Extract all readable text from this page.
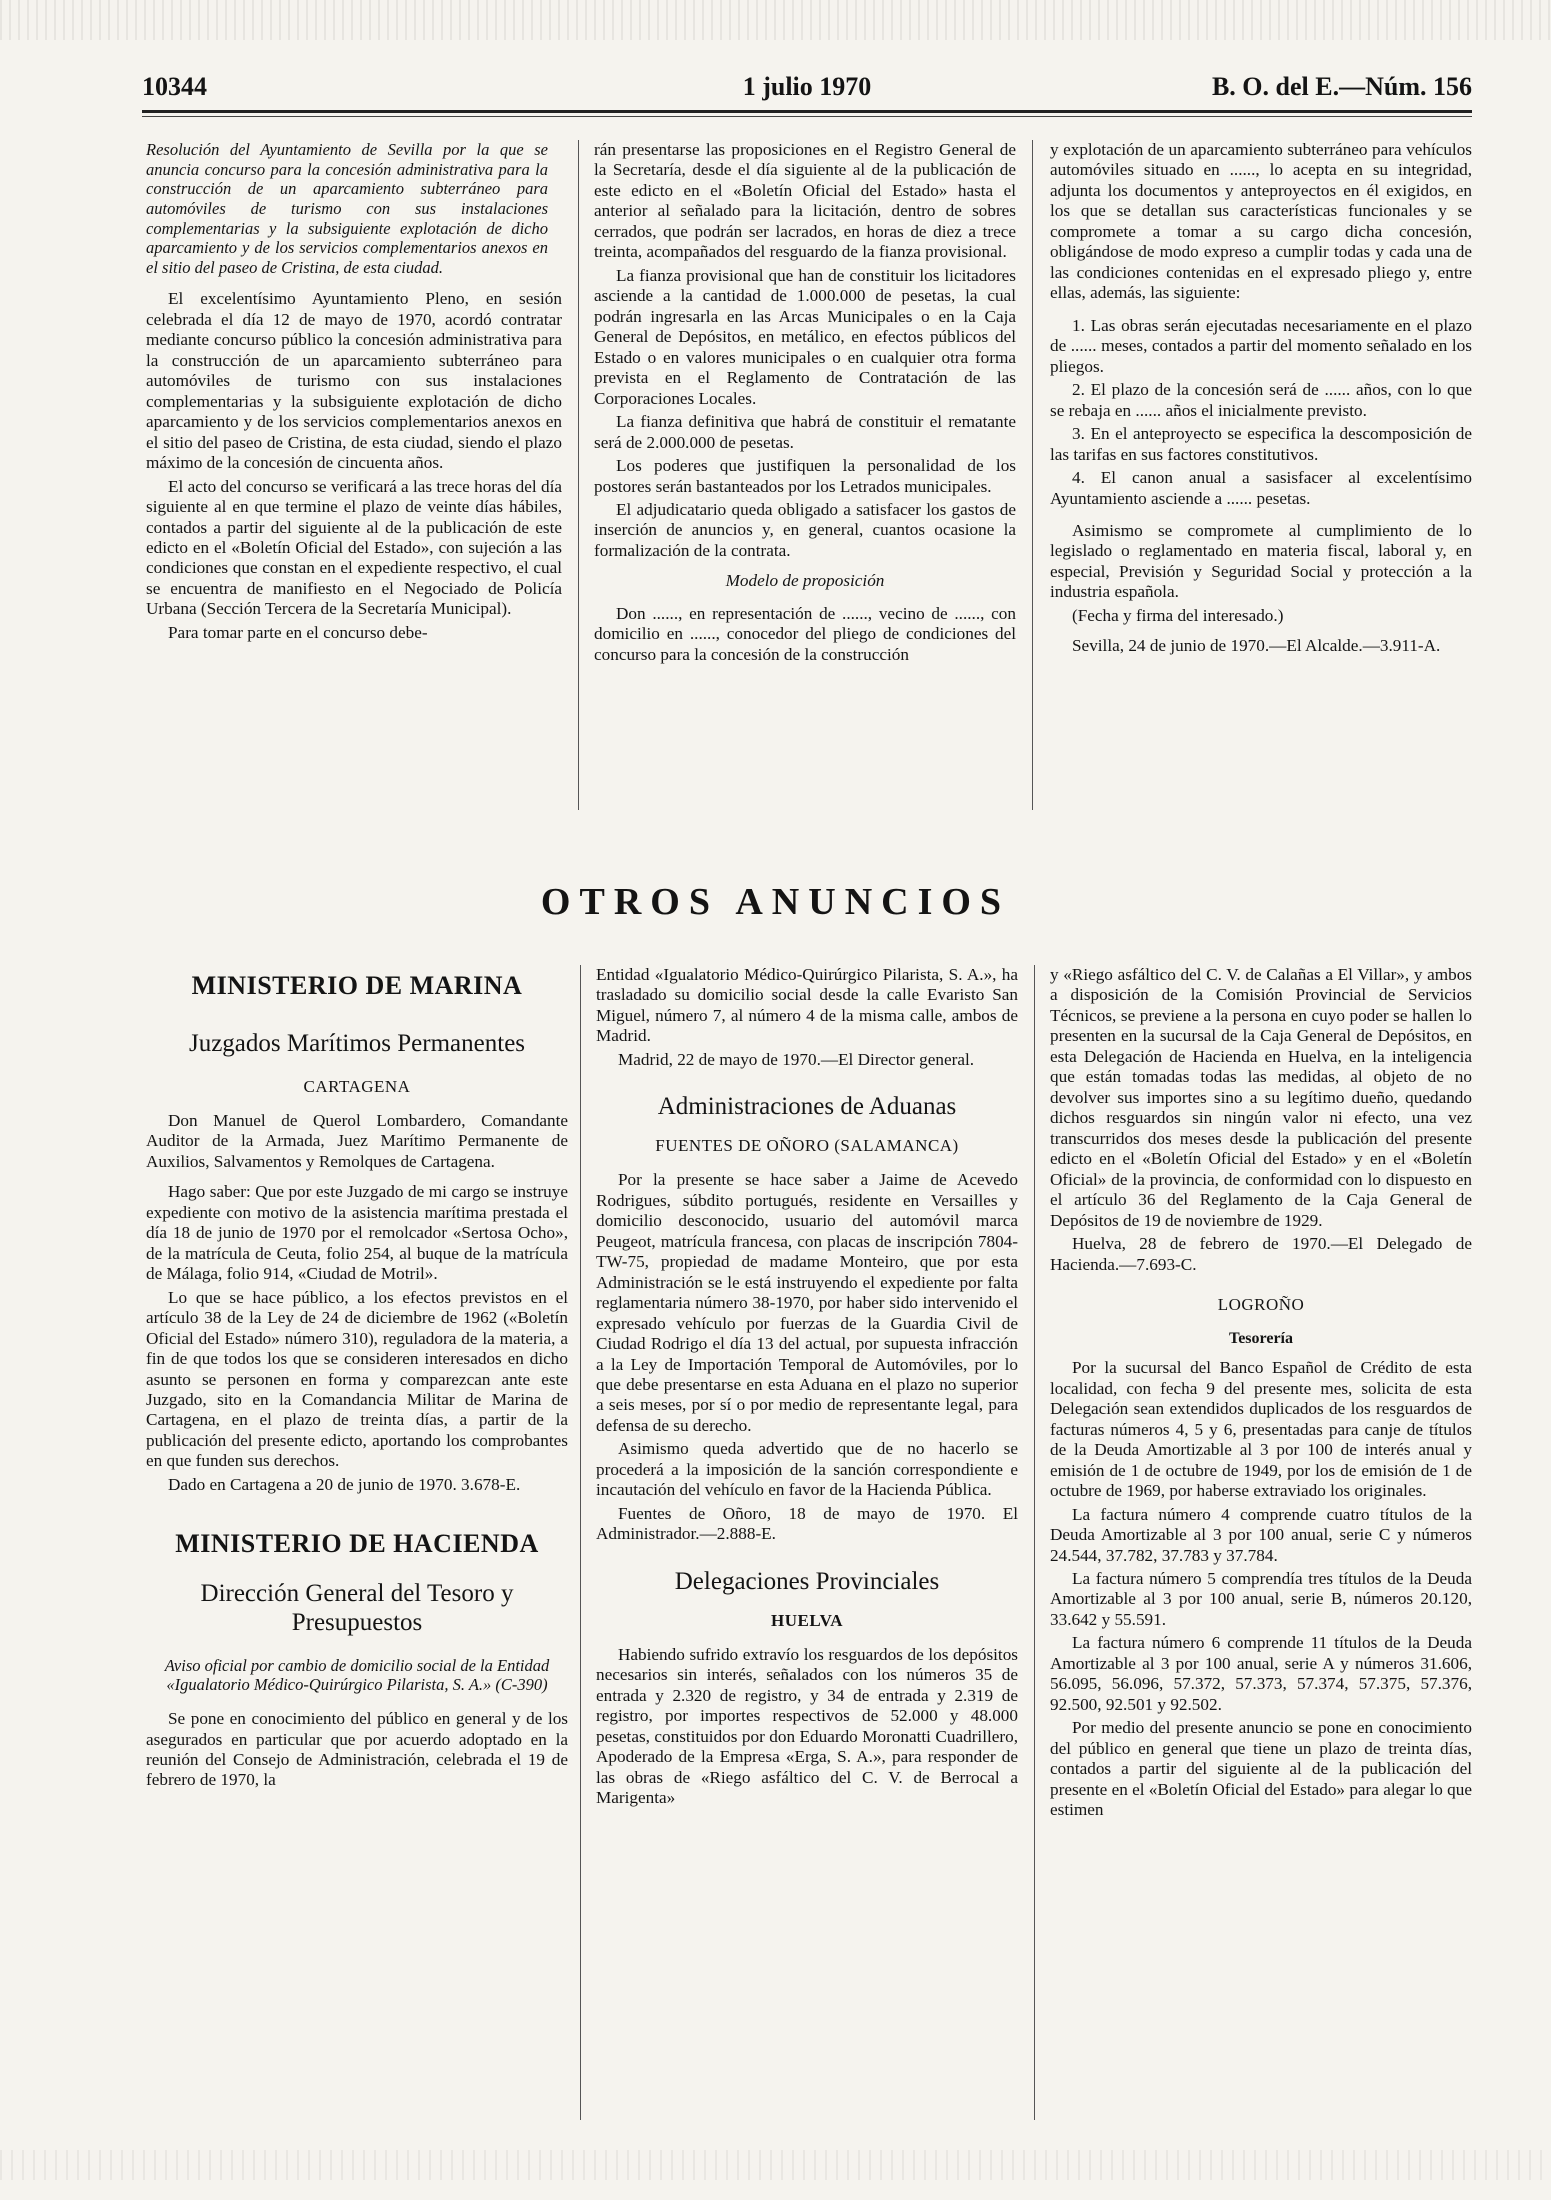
10344	1 julio 1970	B. O. del E.—Núm. 156

Resolución del Ayuntamiento de Sevilla por la que se anuncia concurso para la concesión administrativa para la construcción de un aparcamiento subterráneo para automóviles de turismo con sus instalaciones complementarias y la subsiguiente explotación de dicho aparcamiento y de los servicios complementarios anexos en el sitio del paseo de Cristina, de esta ciudad.

El excelentísimo Ayuntamiento Pleno, en sesión celebrada el día 12 de mayo de 1970, acordó contratar mediante concurso público la concesión administrativa para la construcción de un aparcamiento subterráneo para automóviles de turismo con sus instalaciones complementarias y la subsiguiente explotación de dicho aparcamiento y de los servicios complementarios anexos en el sitio del paseo de Cristina, de esta ciudad, siendo el plazo máximo de la concesión de cincuenta años.

El acto del concurso se verificará a las trece horas del día siguiente al en que termine el plazo de veinte días hábiles, contados a partir del siguiente al de la publicación de este edicto en el «Boletín Oficial del Estado», con sujeción a las condiciones que constan en el expediente respectivo, el cual se encuentra de manifiesto en el Negociado de Policía Urbana (Sección Tercera de la Secretaría Municipal).

Para tomar parte en el concurso debe-

rán presentarse las proposiciones en el Registro General de la Secretaría, desde el día siguiente al de la publicación de este edicto en el «Boletín Oficial del Estado» hasta el anterior al señalado para la licitación, dentro de sobres cerrados, que podrán ser lacrados, en horas de diez a trece treinta, acompañados del resguardo de la fianza provisional.

La fianza provisional que han de constituir los licitadores asciende a la cantidad de 1.000.000 de pesetas, la cual podrán ingresarla en las Arcas Municipales o en la Caja General de Depósitos, en metálico, en efectos públicos del Estado o en valores municipales o en cualquier otra forma prevista en el Reglamento de Contratación de las Corporaciones Locales.

La fianza definitiva que habrá de constituir el rematante será de 2.000.000 de pesetas.

Los poderes que justifiquen la personalidad de los postores serán bastanteados por los Letrados municipales.

El adjudicatario queda obligado a satisfacer los gastos de inserción de anuncios y, en general, cuantos ocasione la formalización de la contrata.

Modelo de proposición

Don ......, en representación de ......, vecino de ......, con domicilio en ......, conocedor del pliego de condiciones del concurso para la concesión de la construcción

y explotación de un aparcamiento subterráneo para vehículos automóviles situado en ......, lo acepta en su integridad, adjunta los documentos y anteproyectos en él exigidos, en los que se detallan sus características funcionales y se compromete a tomar a su cargo dicha concesión, obligándose de modo expreso a cumplir todas y cada una de las condiciones contenidas en el expresado pliego y, entre ellas, además, las siguiente:

1. Las obras serán ejecutadas necesariamente en el plazo de ...... meses, contados a partir del momento señalado en los pliegos.

2. El plazo de la concesión será de ...... años, con lo que se rebaja en ...... años el inicialmente previsto.

3. En el anteproyecto se especifica la descomposición de las tarifas en sus factores constitutivos.

4. El canon anual a sasisfacer al excelentísimo Ayuntamiento asciende a ...... pesetas.

Asimismo se compromete al cumplimiento de lo legislado o reglamentado en materia fiscal, laboral y, en especial, Previsión y Seguridad Social y protección a la industria española.

(Fecha y firma del interesado.)

Sevilla, 24 de junio de 1970.—El Alcalde.—3.911-A.

OTROS ANUNCIOS
MINISTERIO DE MARINA
Juzgados Marítimos Permanentes
CARTAGENA

Don Manuel de Querol Lombardero, Comandante Auditor de la Armada, Juez Marítimo Permanente de Auxilios, Salvamentos y Remolques de Cartagena.

Hago saber: Que por este Juzgado de mi cargo se instruye expediente con motivo de la asistencia marítima prestada el día 18 de junio de 1970 por el remolcador «Sertosa Ocho», de la matrícula de Ceuta, folio 254, al buque de la matrícula de Málaga, folio 914, «Ciudad de Motril».

Lo que se hace público, a los efectos previstos en el artículo 38 de la Ley de 24 de diciembre de 1962 («Boletín Oficial del Estado» número 310), reguladora de la materia, a fin de que todos los que se consideren interesados en dicho asunto se personen en forma y comparezcan ante este Juzgado, sito en la Comandancia Militar de Marina de Cartagena, en el plazo de treinta días, a partir de la publicación del presente edicto, aportando los comprobantes en que funden sus derechos.

Dado en Cartagena a 20 de junio de 1970. 3.678-E.

MINISTERIO DE HACIENDA
Dirección General del Tesoro y Presupuestos

Aviso oficial por cambio de domicilio social de la Entidad «Igualatorio Médico-Quirúrgico Pilarista, S. A.» (C-390)

Se pone en conocimiento del público en general y de los asegurados en particular que por acuerdo adoptado en la reunión del Consejo de Administración, celebrada el 19 de febrero de 1970, la

Entidad «Igualatorio Médico-Quirúrgico Pilarista, S. A.», ha trasladado su domicilio social desde la calle Evaristo San Miguel, número 7, al número 4 de la misma calle, ambos de Madrid.

Madrid, 22 de mayo de 1970.—El Director general.

Administraciones de Aduanas
FUENTES DE OÑORO (SALAMANCA)

Por la presente se hace saber a Jaime de Acevedo Rodrigues, súbdito portugués, residente en Versailles y domicilio desconocido, usuario del automóvil marca Peugeot, matrícula francesa, con placas de inscripción 7804-TW-75, propiedad de madame Monteiro, que por esta Administración se le está instruyendo el expediente por falta reglamentaria número 38-1970, por haber sido intervenido el expresado vehículo por fuerzas de la Guardia Civil de Ciudad Rodrigo el día 13 del actual, por supuesta infracción a la Ley de Importación Temporal de Automóviles, por lo que debe presentarse en esta Aduana en el plazo no superior a seis meses, por sí o por medio de representante legal, para defensa de su derecho.

Asimismo queda advertido que de no hacerlo se procederá a la imposición de la sanción correspondiente e incautación del vehículo en favor de la Hacienda Pública.

Fuentes de Oñoro, 18 de mayo de 1970. El Administrador.—2.888-E.

Delegaciones Provinciales
HUELVA

Habiendo sufrido extravío los resguardos de los depósitos necesarios sin interés, señalados con los números 35 de entrada y 2.320 de registro, y 34 de entrada y 2.319 de registro, por importes respectivos de 52.000 y 48.000 pesetas, constituidos por don Eduardo Moronatti Cuadrillero, Apoderado de la Empresa «Erga, S. A.», para responder de las obras de «Riego asfáltico del C. V. de Berrocal a Marigenta»

y «Riego asfáltico del C. V. de Calañas a El Villar», y ambos a disposición de la Comisión Provincial de Servicios Técnicos, se previene a la persona en cuyo poder se hallen lo presenten en la sucursal de la Caja General de Depósitos, en esta Delegación de Hacienda en Huelva, en la inteligencia que están tomadas todas las medidas, al objeto de no devolver sus importes sino a su legítimo dueño, quedando dichos resguardos sin ningún valor ni efecto, una vez transcurridos dos meses desde la publicación del presente edicto en el «Boletín Oficial del Estado» y en el «Boletín Oficial» de la provincia, de conformidad con lo dispuesto en el artículo 36 del Reglamento de la Caja General de Depósitos de 19 de noviembre de 1929.

Huelva, 28 de febrero de 1970.—El Delegado de Hacienda.—7.693-C.

LOGROÑO
Tesorería

Por la sucursal del Banco Español de Crédito de esta localidad, con fecha 9 del presente mes, solicita de esta Delegación sean extendidos duplicados de los resguardos de facturas números 4, 5 y 6, presentadas para canje de títulos de la Deuda Amortizable al 3 por 100 de interés anual y emisión de 1 de octubre de 1949, por los de emisión de 1 de octubre de 1969, por haberse extraviado los originales.

La factura número 4 comprende cuatro títulos de la Deuda Amortizable al 3 por 100 anual, serie C y números 24.544, 37.782, 37.783 y 37.784.

La factura número 5 comprendía tres títulos de la Deuda Amortizable al 3 por 100 anual, serie B, números 20.120, 33.642 y 55.591.

La factura número 6 comprende 11 títulos de la Deuda Amortizable al 3 por 100 anual, serie A y números 31.606, 56.095, 56.096, 57.372, 57.373, 57.374, 57.375, 57.376, 92.500, 92.501 y 92.502.

Por medio del presente anuncio se pone en conocimiento del público en general que tiene un plazo de treinta días, contados a partir del siguiente al de la publicación del presente en el «Boletín Oficial del Estado» para alegar lo que estimen
